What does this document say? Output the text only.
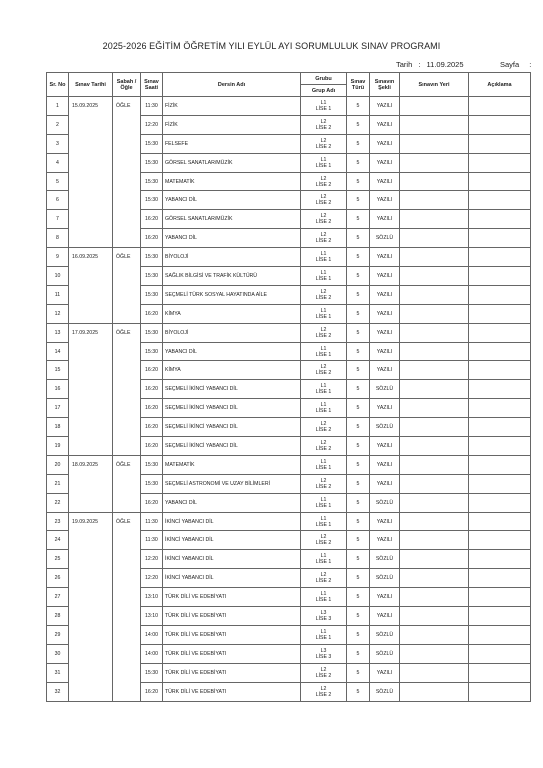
2025-2026 EĞİTİM ÖĞRETİM YILI EYLÜL AYI SORUMLULUK SINAV PROGRAMI
Tarih : 11.09.2025	Sayfa :
Sr. No	Sınav Tarihi	Sabah / Öğle	Sınav Saati	Dersin Adı	Grubu	Sınav Türü	Sınavın Şekli	Sınavın Yeri	Açıklama
					Grup Adı				
1	15.09.2025	ÖĞLE	11:30	FİZİK	L1
LİSE 1	5	YAZILI		
2			12:20	FİZİK	L2
LİSE 2	5	YAZILI		
3			15:30	FELSEFE	L2
LİSE 2	5	YAZILI		
4			15:30	GÖRSEL SANATLAR/MÜZİK	L1
LİSE 1	5	YAZILI		
5			15:30	MATEMATİK	L2
LİSE 2	5	YAZILI		
6			15:30	YABANCI DİL	L2
LİSE 2	5	YAZILI		
7			16:20	GÖRSEL SANATLAR/MÜZİK	L2
LİSE 2	5	YAZILI		
8			16:20	YABANCI DİL	L2
LİSE 2	5	SÖZLÜ		
9	16.09.2025	ÖĞLE	15:30	BİYOLOJİ	L1
LİSE 1	5	YAZILI		
10			15:30	SAĞLIK BİLGİSİ VE TRAFİK KÜLTÜRÜ	L1
LİSE 1	5	YAZILI		
11			15:30	SEÇMELİ TÜRK SOSYAL HAYATINDA AİLE	L2
LİSE 2	5	YAZILI		
12			16:20	KİMYA	L1
LİSE 1	5	YAZILI		
13	17.09.2025	ÖĞLE	15:30	BİYOLOJİ	L2
LİSE 2	5	YAZILI		
14			15:30	YABANCI DİL	L1
LİSE 1	5	YAZILI		
15			16:20	KİMYA	L2
LİSE 2	5	YAZILI		
16			16:20	SEÇMELİ İKİNCİ YABANCI DİL	L1
LİSE 1	5	SÖZLÜ		
17			16:20	SEÇMELİ İKİNCİ YABANCI DİL	L1
LİSE 1	5	YAZILI		
18			16:20	SEÇMELİ İKİNCİ YABANCI DİL	L2
LİSE 2	5	SÖZLÜ		
19			16:20	SEÇMELİ İKİNCİ YABANCI DİL	L2
LİSE 2	5	YAZILI		
20	18.09.2025	ÖĞLE	15:30	MATEMATİK	L1
LİSE 1	5	YAZILI		
21			15:30	SEÇMELİ ASTRONOMİ VE UZAY BİLİMLERİ	L2
LİSE 2	5	YAZILI		
22			16:20	YABANCI DİL	L1
LİSE 1	5	SÖZLÜ		
23	19.09.2025	ÖĞLE	11:30	İKİNCİ YABANCI DİL	L1
LİSE 1	5	YAZILI		
24			11:30	İKİNCİ YABANCI DİL	L2
LİSE 2	5	YAZILI		
25			12:20	İKİNCİ YABANCI DİL	L1
LİSE 1	5	SÖZLÜ		
26			12:20	İKİNCİ YABANCI DİL	L2
LİSE 2	5	SÖZLÜ		
27			13:10	TÜRK DİLİ VE EDEBİYATI	L1
LİSE 1	5	YAZILI		
28			13:10	TÜRK DİLİ VE EDEBİYATI	L3
LİSE 3	5	YAZILI		
29			14:00	TÜRK DİLİ VE EDEBİYATI	L1
LİSE 1	5	SÖZLÜ		
30			14:00	TÜRK DİLİ VE EDEBİYATI	L3
LİSE 3	5	SÖZLÜ		
31			15:30	TÜRK DİLİ VE EDEBİYATI	L2
LİSE 2	5	YAZILI		
32			16:20	TÜRK DİLİ VE EDEBİYATI	L2
LİSE 2	5	SÖZLÜ		
